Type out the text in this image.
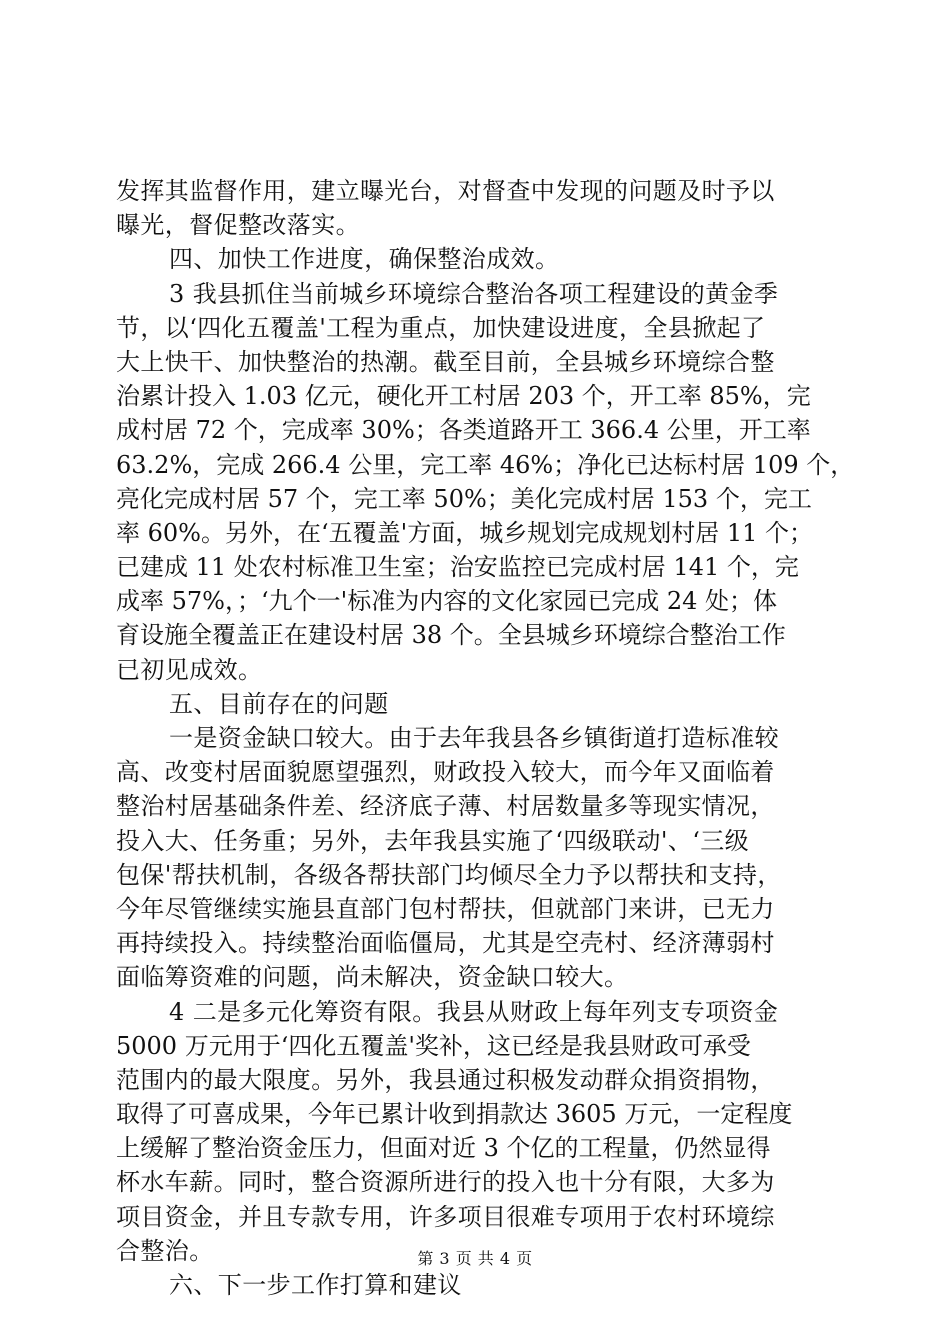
发挥其监督作用，建立曝光台，对督查中发现的问题及时予以
曝光，督促整改落实。
四、加快工作进度，确保整治成效。
3 我县抓住当前城乡环境综合整治各项工程建设的黄金季
节，以‘四化五覆盖'工程为重点，加快建设进度，全县掀起了
大上快干、加快整治的热潮。截至目前，全县城乡环境综合整
治累计投入 1.03 亿元，硬化开工村居 203 个，开工率 85%，完
成村居 72 个，完成率 30%；各类道路开工 366.4 公里，开工率
63.2%，完成 266.4 公里，完工率 46%；净化已达标村居 109 个，
亮化完成村居 57 个，完工率 50%；美化完成村居 153 个，完工
率 60%。另外，在‘五覆盖'方面，城乡规划完成规划村居 11 个；
已建成 11 处农村标准卫生室；治安监控已完成村居 141 个，完
成率 57%，；‘九个一'标准为内容的文化家园已完成 24 处；体
育设施全覆盖正在建设村居 38 个。全县城乡环境综合整治工作
已初见成效。
五、目前存在的问题
一是资金缺口较大。由于去年我县各乡镇街道打造标准较
高、改变村居面貌愿望强烈，财政投入较大，而今年又面临着
整治村居基础条件差、经济底子薄、村居数量多等现实情况，
投入大、任务重；另外，去年我县实施了‘四级联动'、‘三级
包保'帮扶机制，各级各帮扶部门均倾尽全力予以帮扶和支持，
今年尽管继续实施县直部门包村帮扶，但就部门来讲，已无力
再持续投入。持续整治面临僵局，尤其是空壳村、经济薄弱村
面临筹资难的问题，尚未解决，资金缺口较大。
4 二是多元化筹资有限。我县从财政上每年列支专项资金
5000 万元用于‘四化五覆盖'奖补，这已经是我县财政可承受
范围内的最大限度。另外，我县通过积极发动群众捐资捐物，
取得了可喜成果，今年已累计收到捐款达 3605 万元，一定程度
上缓解了整治资金压力，但面对近 3 个亿的工程量，仍然显得
杯水车薪。同时，整合资源所进行的投入也十分有限，大多为
项目资金，并且专款专用，许多项目很难专项用于农村环境综
合整治。
六、下一步工作打算和建议
第 3 页 共 4 页
